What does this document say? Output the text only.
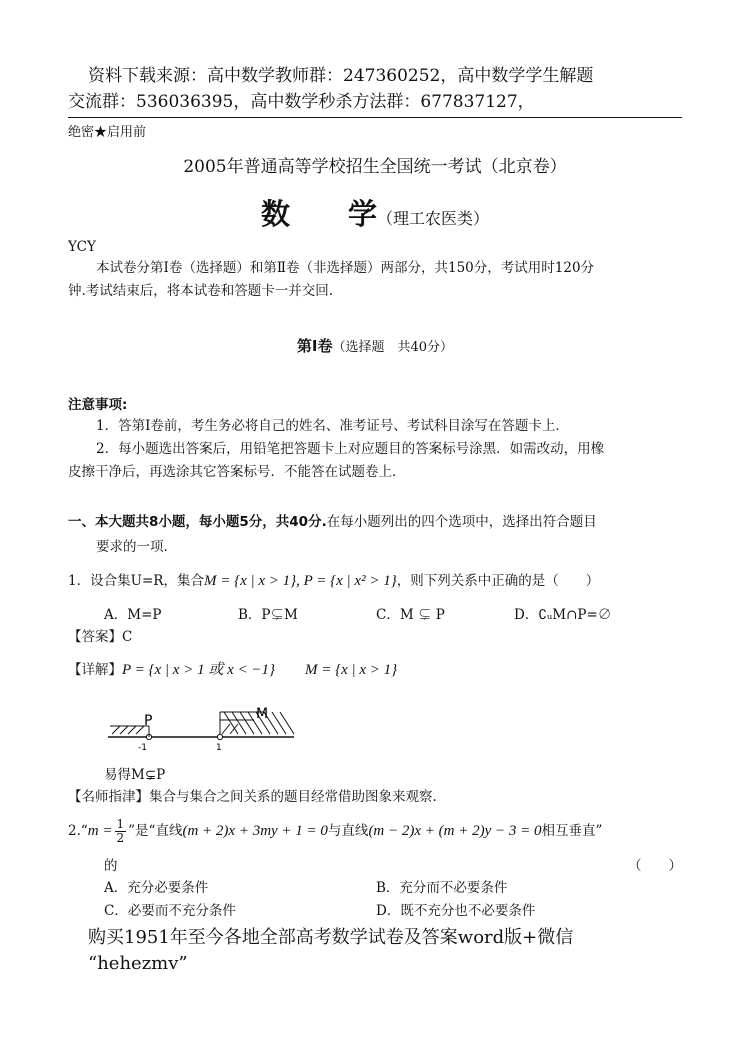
资料下载来源：高中数学教师群：247360252，高中数学学生解题
交流群：536036395，高中数学秒杀方法群：677837127，
绝密★启用前
2005年普通高等学校招生全国统一考试（北京卷）
数　　学（理工农医类）
YCY
本试卷分第Ⅰ卷（选择题）和第Ⅱ卷（非选择题）两部分，共150分，考试用时120分
钟.考试结束后，将本试卷和答题卡一并交回.
第Ⅰ卷（选择题　共40分）
注意事项:
1．答第Ⅰ卷前，考生务必将自己的姓名、准考证号、考试科目涂写在答题卡上．
2．每小题选出答案后，用铅笔把答题卡上对应题目的答案标号涂黑．如需改动，用橡
皮擦干净后，再选涂其它答案标号．不能答在试题卷上．
一、本大题共8小题，每小题5分，共40分.在每小题列出的四个选项中，选择出符合题目
要求的一项.
1．设合集U=R，集合M = {x | x > 1}, P = {x | x² > 1}，则下列关系中正确的是（　　）
A．M=P	B．P⊊M	C．M ⊊ P	D．∁ᵤM∩P=∅
【答案】C
【详解】P = {x | x > 1 或 x < −1} M = {x | x > 1}
P
-1
M
1
易得M⊊P
【名师指津】集合与集合之间关系的题目经常借助图象来观察.
2.“m = $\frac{1}{2}$ ”是“直线(m + 2)x + 3my + 1 = 0与直线(m − 2)x + (m + 2)y − 3 = 0相互垂直”
的	（　　）
A．充分必要条件	B．充分而不必要条件
C．必要而不充分条件	D．既不充分也不必要条件
购买1951年至今各地全部高考数学试卷及答案word版+微信
“hehezmv”
